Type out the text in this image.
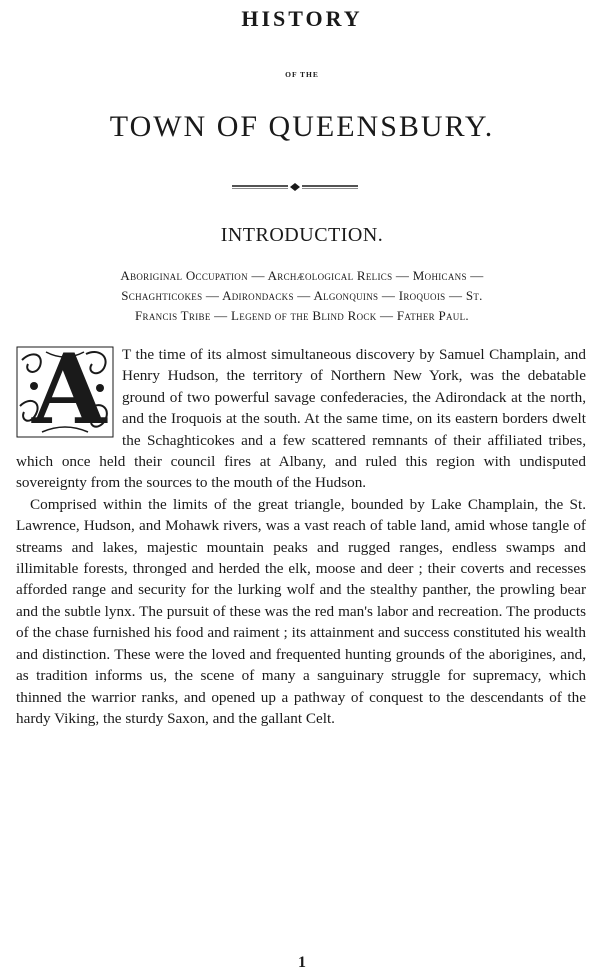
HISTORY
OF THE
TOWN OF QUEENSBURY.
INTRODUCTION.
Aboriginal Occupation — Archæological Relics — Mohicans —
Schaghticokes — Adirondacks — Algonquins — Iroquois — St.
Francis Tribe — Legend of the Blind Rock — Father Paul.

A T the time of its almost simultaneous discovery by Samuel Champlain, and Henry Hudson, the territory of Northern New York, was the debatable ground of two powerful savage confederacies, the Adirondack at the north, and the Iroquois at the south. At the same time, on its eastern borders dwelt the Schaghticokes and a few scattered remnants of their affiliated tribes, which once held their council fires at Albany, and ruled this region with undisputed sovereignty from the sources to the mouth of the Hudson.

Comprised within the limits of the great triangle, bounded by Lake Champlain, the St. Lawrence, Hudson, and Mohawk rivers, was a vast reach of table land, amid whose tangle of streams and lakes, majestic mountain peaks and rugged ranges, endless swamps and illimitable forests, thronged and herded the elk, moose and deer ; their coverts and recesses afforded range and security for the lurking wolf and the stealthy panther, the prowling bear and the subtle lynx. The pursuit of these was the red man's labor and recreation. The products of the chase furnished his food and raiment ; its attainment and success constituted his wealth and distinction. These were the loved and frequented hunting grounds of the aborigines, and, as tradition informs us, the scene of many a sanguinary struggle for supremacy, which thinned the warrior ranks, and opened up a pathway of conquest to the descendants of the hardy Viking, the sturdy Saxon, and the gallant Celt.

1
